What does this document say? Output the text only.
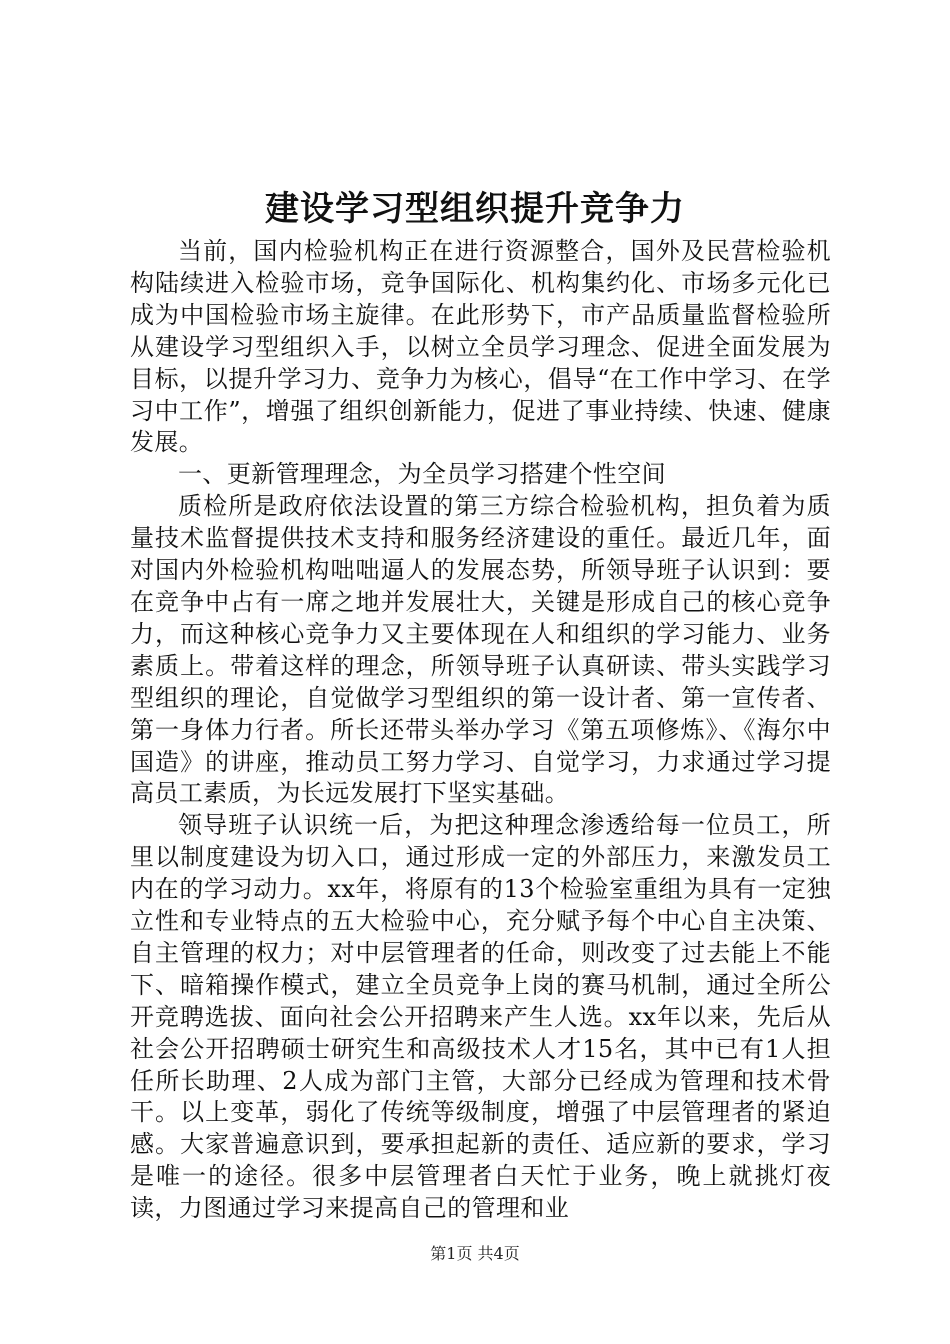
建设学习型组织提升竞争力

当前，国内检验机构正在进行资源整合，国外及民营检验机构陆续进入检验市场，竞争国际化、机构集约化、市场多元化已成为中国检验市场主旋律。在此形势下，市产品质量监督检验所从建设学习型组织入手，以树立全员学习理念、促进全面发展为目标，以提升学习力、竞争力为核心，倡导“在工作中学习、在学习中工作”，增强了组织创新能力，促进了事业持续、快速、健康发展。

一、更新管理理念，为全员学习搭建个性空间

质检所是政府依法设置的第三方综合检验机构，担负着为质量技术监督提供技术支持和服务经济建设的重任。最近几年，面对国内外检验机构咄咄逼人的发展态势，所领导班子认识到：要在竞争中占有一席之地并发展壮大，关键是形成自己的核心竞争力，而这种核心竞争力又主要体现在人和组织的学习能力、业务素质上。带着这样的理念，所领导班子认真研读、带头实践学习型组织的理论，自觉做学习型组织的第一设计者、第一宣传者、第一身体力行者。所长还带头举办学习《第五项修炼》、《海尔中国造》的讲座，推动员工努力学习、自觉学习，力求通过学习提高员工素质，为长远发展打下坚实基础。

领导班子认识统一后，为把这种理念渗透给每一位员工，所里以制度建设为切入口，通过形成一定的外部压力，来激发员工内在的学习动力。xx年，将原有的13个检验室重组为具有一定独立性和专业特点的五大检验中心，充分赋予每个中心自主决策、自主管理的权力；对中层管理者的任命，则改变了过去能上不能下、暗箱操作模式，建立全员竞争上岗的赛马机制，通过全所公开竞聘选拔、面向社会公开招聘来产生人选。xx年以来，先后从社会公开招聘硕士研究生和高级技术人才15名，其中已有1人担任所长助理、2人成为部门主管，大部分已经成为管理和技术骨干。以上变革，弱化了传统等级制度，增强了中层管理者的紧迫感。大家普遍意识到，要承担起新的责任、适应新的要求，学习是唯一的途径。很多中层管理者白天忙于业务，晚上就挑灯夜读，力图通过学习来提高自己的管理和业

第1页 共4页
